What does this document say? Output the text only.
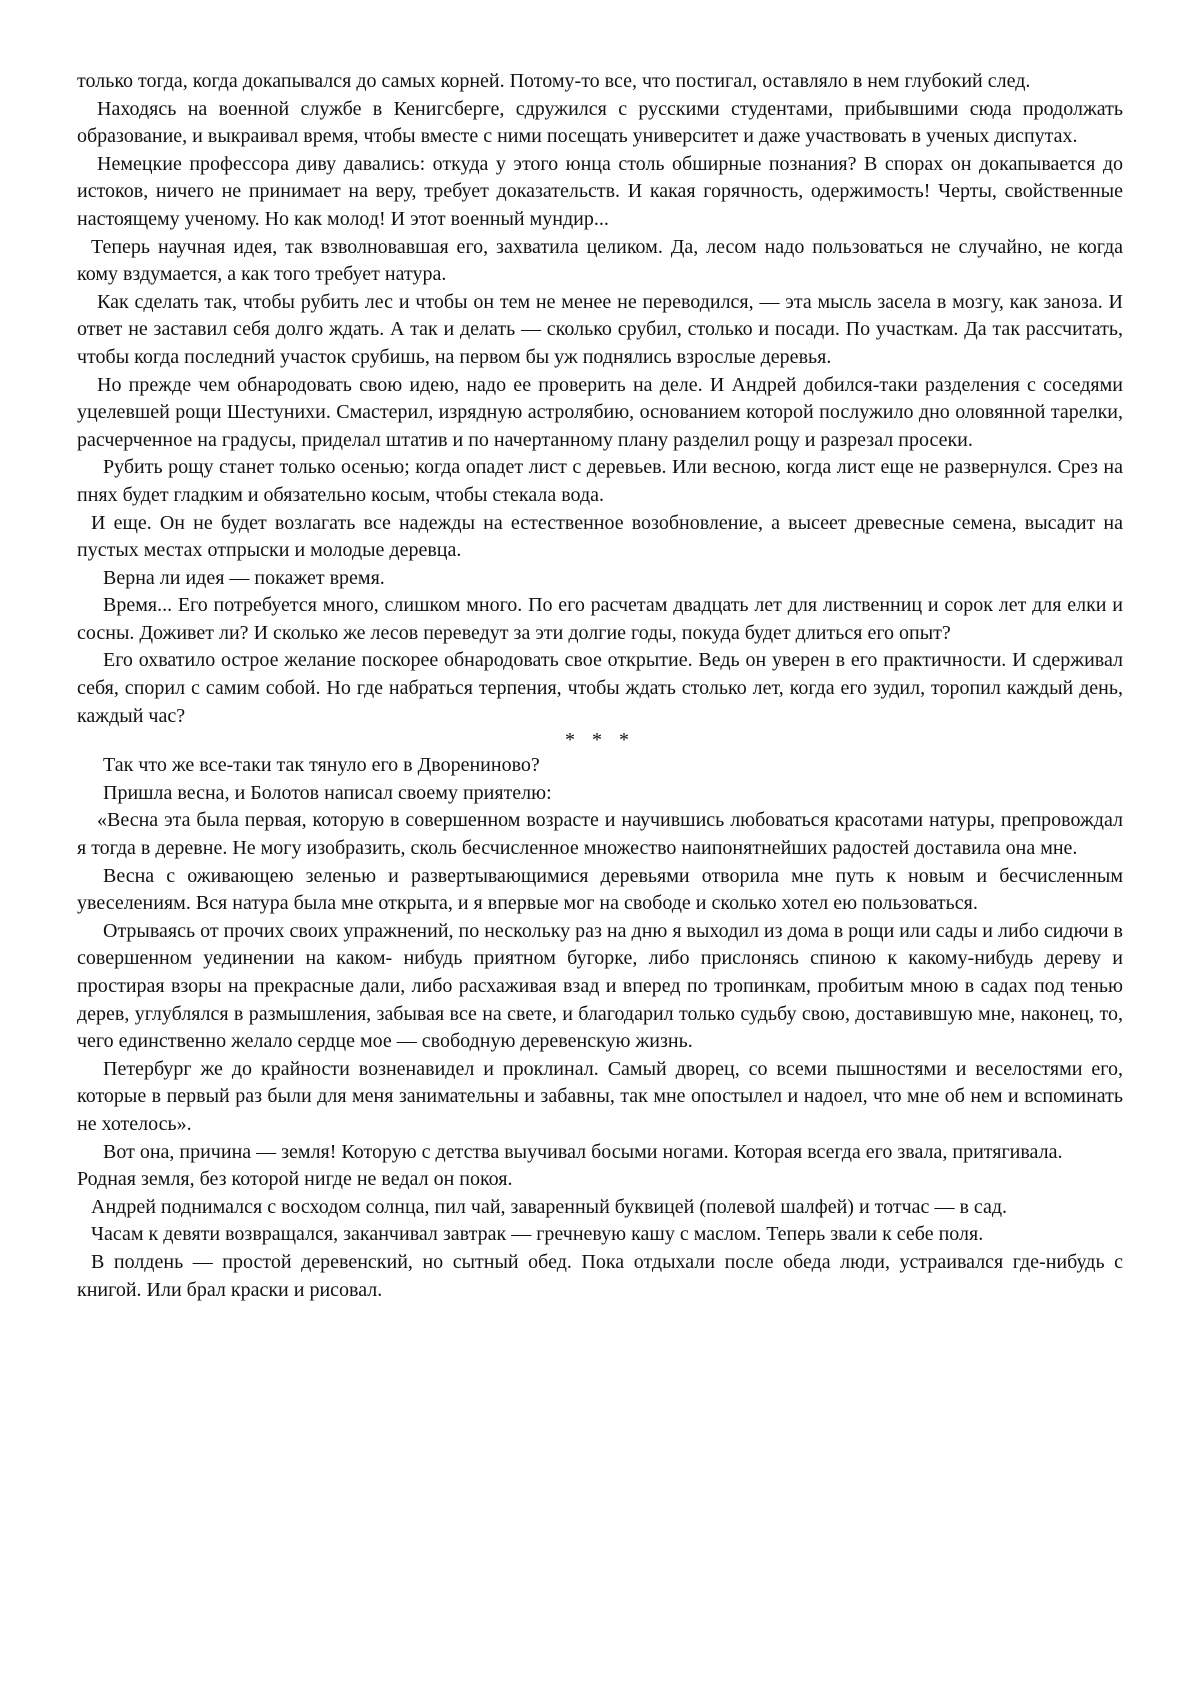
только тогда, когда докапывался до самых корней. Потому-то все, что постигал, оставляло в нем глубокий след.

Находясь на военной службе в Кенигсберге, сдружился с русскими студентами, прибывшими сюда продолжать образование, и выкраивал время, чтобы вместе с ними посещать университет и даже участвовать в ученых диспутах.

Немецкие профессора диву давались: откуда у этого юнца столь обширные познания? В спорах он докапывается до истоков, ничего не принимает на веру, требует доказательств. И какая горячность, одержимость! Черты, свойственные настоящему ученому. Но как молод! И этот военный мундир...

Теперь научная идея, так взволновавшая его, захватила целиком. Да, лесом надо пользоваться не случайно, не когда кому вздумается, а как того требует натура.

Как сделать так, чтобы рубить лес и чтобы он тем не менее не переводился, — эта мысль засела в мозгу, как заноза. И ответ не заставил себя долго ждать. А так и делать — сколько срубил, столько и посади. По участкам. Да так рассчитать, чтобы когда последний участок срубишь, на первом бы уж поднялись взрослые деревья.

Но прежде чем обнародовать свою идею, надо ее проверить на деле. И Андрей добился-таки разделения с соседями уцелевшей рощи Шестунихи. Смастерил, изрядную астролябию, основанием которой послужило дно оловянной тарелки, расчерченное на градусы, приделал штатив и по начертанному плану разделил рощу и разрезал просеки.

Рубить рощу станет только осенью; когда опадет лист с деревьев. Или весною, когда лист еще не развернулся. Срез на пнях будет гладким и обязательно косым, чтобы стекала вода.

И еще. Он не будет возлагать все надежды на естественное возобновление, а высеет древесные семена, высадит на пустых местах отпрыски и молодые деревца.

Верна ли идея — покажет время.

Время... Его потребуется много, слишком много. По его расчетам двадцать лет для лиственниц и сорок лет для елки и сосны. Доживет ли? И сколько же лесов переведут за эти долгие годы, покуда будет длиться его опыт?

Его охватило острое желание поскорее обнародовать свое открытие. Ведь он уверен в его практичности. И сдерживал себя, спорил с самим собой. Но где набраться терпения, чтобы ждать столько лет, когда его зудил, торопил каждый день, каждый час?

* * *

Так что же все-таки так тянуло его в Двоpениново?

Пришла весна, и Болотов написал своему приятелю:

«Весна эта была первая, которую в совершенном возрасте и научившись любоваться красотами натуры, препровождал я тогда в деревне. Не могу изобразить, сколь бесчисленное множество наипонятнейших радостей доставила она мне.

Весна с оживающею зеленью и развертывающимися деревьями отворила мне путь к новым и бесчисленным увеселениям. Вся натура была мне открыта, и я впервые мог на свободе и сколько хотел ею пользоваться.

Отрываясь от прочих своих упражнений, по нескольку раз на дню я выходил из дома в рощи или сады и либо сидючи в совершенном уединении на каком- нибудь приятном бугорке, либо прислонясь спиною к какому-нибудь дереву и простирая взоры на прекрасные дали, либо расхаживая взад и вперед по тропинкам, пробитым мною в садах под тенью дерев, углублялся в размышления, забывая все на свете, и благодарил только судьбу свою, доставившую мне, наконец, то, чего единственно желало сердце мое — свободную деревенскую жизнь.

Петербург же до крайности возненавидел и проклинал. Самый дворец, со всеми пышностями и веселостями его, которые в первый раз были для меня занимательны и забавны, так мне опостылел и надоел, что мне об нем и вспоминать не хотелось».

Вот она, причина — земля! Которую с детства выучивал босыми ногами. Которая всегда его звала, притягивала. Родная земля, без которой нигде не ведал он покоя.

Андрей поднимался с восходом солнца, пил чай, заваренный буквицей (полевой шалфей) и тотчас — в сад.

Часам к девяти возвращался, заканчивал завтрак — гречневую кашу с маслом. Теперь звали к себе поля.

В полдень — простой деревенский, но сытный обед. Пока отдыхали после обеда люди, устраивался где-нибудь с книгой. Или брал краски и рисовал.
